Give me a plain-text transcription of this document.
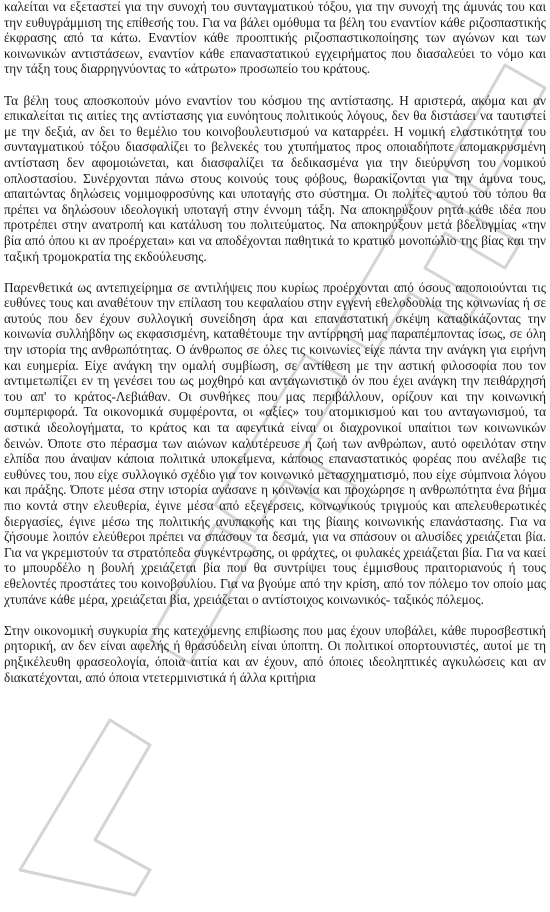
καλείται να εξεταστεί για την συνοχή του συνταγματικού τόξου, για την συνοχή της άμυνάς του και την ευθυγράμμιση της επίθεσής του. Για να βάλει ομόθυμα τα βέλη του εναντίον κάθε ριζοσπαστικής έκφρασης από τα κάτω. Εναντίον κάθε προοπτικής ριζοσπαστικοποίησης των αγώνων και των κοινωνικών αντιστάσεων, εναντίον κάθε επαναστατικού εγχειρήματος που διασαλεύει το νόμο και την τάξη τους διαρρηγνύοντας το «άτρωτο» προσωπείο του κράτους.

Τα βέλη τους αποσκοπούν μόνο εναντίον του κόσμου της αντίστασης. Η αριστερά, ακόμα και αν επικαλείται τις αιτίες της αντίστασης για ευνόητους πολιτικούς λόγους, δεν θα διστάσει να ταυτιστεί με την δεξιά, αν δει το θεμέλιο του κοινοβουλευτισμού να καταρρέει. Η νομική ελαστικότητα του συνταγματικού τόξου διασφαλίζει το βελνεκές του χτυπήματος προς οποιαδήποτε απομακρυσμένη αντίσταση δεν αφομοιώνεται, και διασφαλίζει τα δεδικασμένα για την διεύρυνση του νομικού οπλοστασίου. Συνέρχονται πάνω στους κοινούς τους φόβους, θωρακίζονται για την άμυνα τους, απαιτώντας δηλώσεις νομιμοφροσύνης και υποταγής στο σύστημα. Οι πολίτες αυτού του τόπου θα πρέπει να δηλώσουν ιδεολογική υποταγή στην έννομη τάξη. Να αποκηρύξουν ρητά κάθε ιδέα που προτρέπει στην ανατροπή και κατάλυση του πολιτεύματος. Να αποκηρύξουν μετά βδελυγμίας «την βία από όπου κι αν προέρχεται» και να αποδέχονται παθητικά το κρατικό μονοπώλιο της βίας και την ταξική τρομοκρατία της εκδούλευσης.

Παρενθετικά ως αντεπιχείρημα σε αντιλήψεις που κυρίως προέρχονται από όσους αποποιούνται τις ευθύνες τους και αναθέτουν την επίλαση του κεφαλαίου στην εγγενή εθελοδουλία της κοινωνίας ή σε αυτούς που δεν έχουν συλλογική συνείδηση άρα και επαναστατική σκέψη καταδικάζοντας την κοινωνία συλλήβδην ως εκφασισμένη, καταθέτουμε την αντίρρησή μας παραπέμποντας ίσως, σε όλη την ιστορία της ανθρωπότητας. Ο άνθρωπος σε όλες τις κοινωνίες είχε πάντα την ανάγκη για ειρήνη και ευημερία. Είχε ανάγκη την ομαλή συμβίωση, σε αντίθεση με την αστική φιλοσοφία που τον αντιμετωπίζει εν τη γενέσει του ως μοχθηρό και ανταγωνιστικό όν που έχει ανάγκη την πειθάρχησή του απ' το κράτος-Λεβιάθαν. Οι συνθήκες που μας περιβάλλουν, ορίζουν και την κοινωνική συμπεριφορά. Τα οικονομικά συμφέροντα, οι «αξίες» του ατομικισμού και του ανταγωνισμού, τα αστικά ιδεολογήματα, το κράτος και τα αφεντικά είναι οι διαχρονικοί υπαίτιοι των κοινωνικών δεινών. Όποτε στο πέρασμα των αιώνων καλυτέρευσε η ζωή των ανθρώπων, αυτό οφειλόταν στην ελπίδα που άναψαν κάποια πολιτικά υποκείμενα, κάποιος επαναστατικός φορέας που ανέλαβε τις ευθύνες του, που είχε συλλογικό σχέδιο για τον κοινωνικό μετασχηματισμό, που είχε σύμπνοια λόγου και πράξης. Όποτε μέσα στην ιστορία ανάσανε η κοινωνία και προχώρησε η ανθρωπότητα ένα βήμα πιο κοντά στην ελευθερία, έγινε μέσα από εξεγέρσεις, κοινωνικούς τριγμούς και απελευθερωτικές διεργασίες, έγινε μέσω της πολιτικής ανυπακοής και της βίαιης κοινωνικής επανάστασης. Για να ζήσουμε λοιπόν ελεύθεροι πρέπει να σπάσουν τα δεσμά, για να σπάσουν οι αλυσίδες χρειάζεται βία. Για να γκρεμιστούν τα στρατόπεδα συγκέντρωσης, οι φράχτες, οι φυλακές χρειάζεται βία. Για να καεί το μπουρδέλο η βουλή χρειάζεται βία που θα συντρίψει τους έμμισθους πραιτοριανούς ή τους εθελοντές προστάτες του κοινοβουλίου. Για να βγούμε από την κρίση, από τον πόλεμο τον οποίο μας χτυπάνε κάθε μέρα, χρειάζεται βία, χρειάζεται ο αντίστοιχος κοινωνικός- ταξικός πόλεμος.

Στην οικονομική συγκυρία της κατεχόμενης επιβίωσης που μας έχουν υποβάλει, κάθε πυροσβεστική ρητορική, αν δεν είναι αφελής ή θρασύδειλη είναι ύποπτη. Οι πολιτικοί οπορτουνιστές, αυτοί με τη ρηξικέλευθη φρασεολογία, όποια αιτία και αν έχουν, από όποιες ιδεοληπτικές αγκυλώσεις και αν διακατέχονται, από όποια ντετερμινιστικά ή άλλα κριτήρια
